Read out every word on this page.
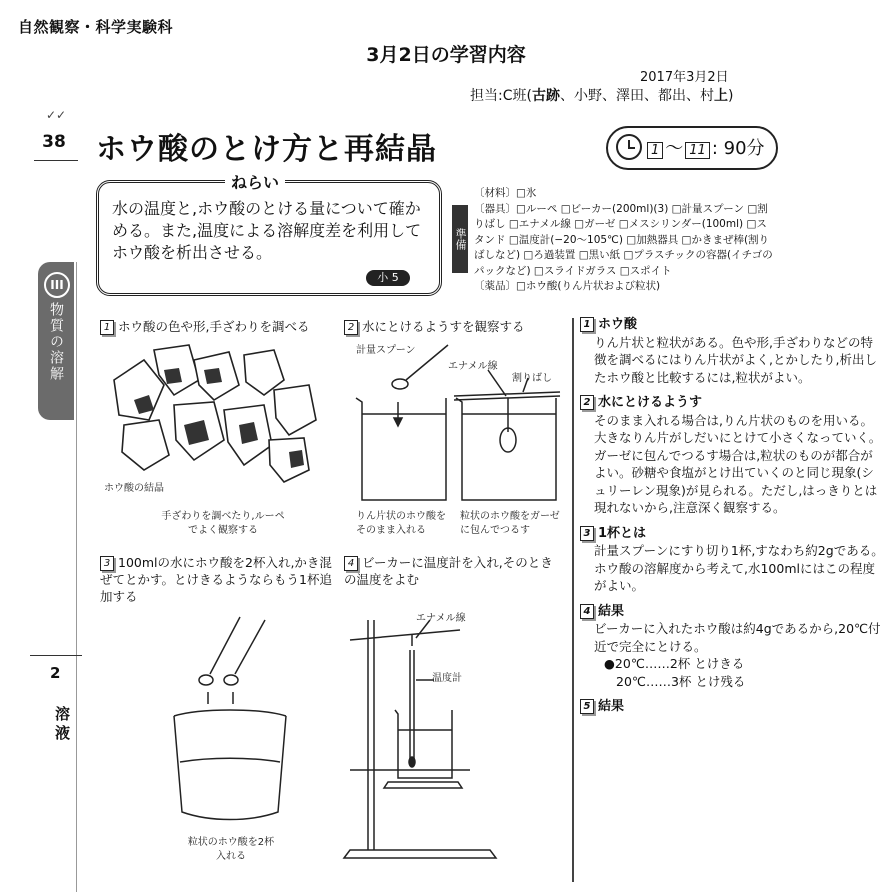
自然観察・科学実験科
3月2日の学習内容
2017年3月2日
担当:C班(古跡、小野、澤田、都出、村上)
✓✓
38 ホウ酸のとけ方と再結晶	1 〜 11 : 90分
ねらい
水の温度と,ホウ酸のとける量について確かめる。また,温度による溶解度差を利用してホウ酸を析出させる。
小 5
準備
〔材料〕□氷
〔器具〕□ルーペ □ビーカー(200ml)(3) □計量スプーン □割りばし □エナメル線 □ガーゼ □メスシリンダー(100ml) □スタンド □温度計(−20〜105℃) □加熱器具 □かきまぜ棒(割りばしなど) □ろ過装置 □黒い紙 □プラスチックの容器(イチゴのパックなど) □スライドガラス □スポイト
〔薬品〕□ホウ酸(りん片状および粒状)
III
物質の溶解
2
溶液
1 ホウ酸の色や形,手ざわりを調べる
ホウ酸の結晶
手ざわりを調べたり,ルーペでよく観察する
2 水にとけるようすを観察する
計量スプーン
エナメル線
割りばし
りん片状のホウ酸をそのまま入れる
粒状のホウ酸をガーゼに包んでつるす
3 100mlの水にホウ酸を2杯入れ,かき混ぜてとかす。とけきるようならもう1杯追加する
粒状のホウ酸を2杯入れる
4 ビーカーに温度計を入れ,そのときの温度をよむ
エナメル線
温度計
1 ホウ酸
りん片状と粒状がある。色や形,手ざわりなどの特徴を調べるにはりん片状がよく,とかしたり,析出したホウ酸と比較するには,粒状がよい。
2 水にとけるようす
そのまま入れる場合は,りん片状のものを用いる。大きなりん片がしだいにとけて小さくなっていく。ガーゼに包んでつるす場合は,粒状のものが都合がよい。砂糖や食塩がとけ出ていくのと同じ現象(シュリーレン現象)が見られる。ただし,はっきりとは現れないから,注意深く観察する。
3 1杯とは
計量スプーンにすり切り1杯,すなわち約2gである。ホウ酸の溶解度から考えて,水100mlにはこの程度がよい。
4 結果
ビーカーに入れたホウ酸は約4gであるから,20℃付近で完全にとける。
●20℃……2杯 とけきる
20℃……3杯 とけ残る
5 結果
